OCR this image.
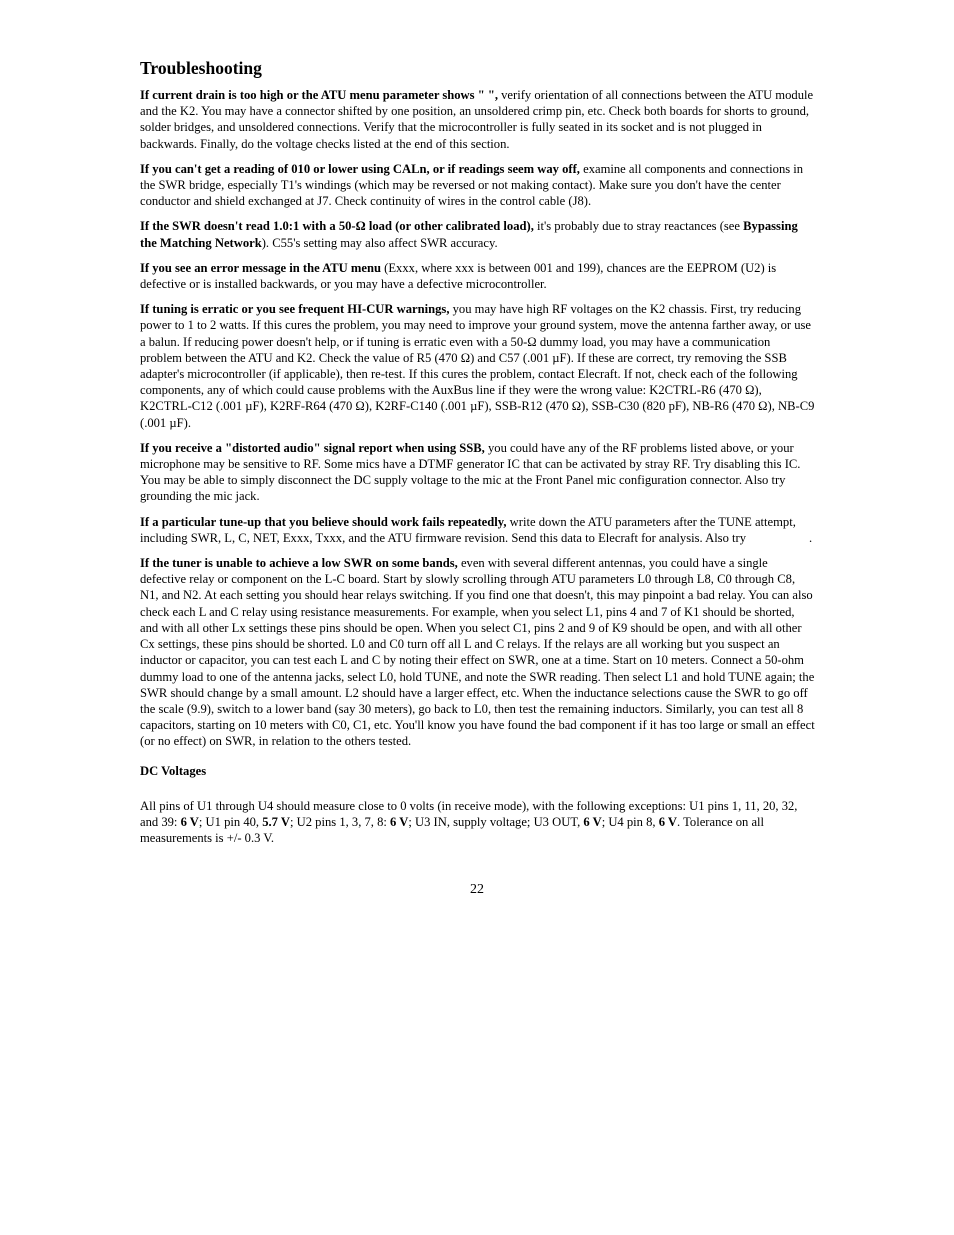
Troubleshooting

If current drain is too high or the ATU menu parameter shows " ", verify orientation of all connections between the ATU module and the K2. You may have a connector shifted by one position, an unsoldered crimp pin, etc. Check both boards for shorts to ground, solder bridges, and unsoldered connections. Verify that the microcontroller is fully seated in its socket and is not plugged in backwards. Finally, do the voltage checks listed at the end of this section.

If you can't get a reading of 010 or lower using CALn, or if readings seem way off, examine all components and connections in the SWR bridge, especially T1's windings (which may be reversed or not making contact). Make sure you don't have the center conductor and shield exchanged at J7. Check continuity of wires in the control cable (J8).

If the SWR doesn't read 1.0:1 with a 50-Ω load (or other calibrated load), it's probably due to stray reactances (see Bypassing the Matching Network). C55's setting may also affect SWR accuracy.

If you see an error message in the ATU menu (Exxx, where xxx is between 001 and 199), chances are the EEPROM (U2) is defective or is installed backwards, or you may have a defective microcontroller.

If tuning is erratic or you see frequent HI-CUR warnings, you may have high RF voltages on the K2 chassis. First, try reducing power to 1 to 2 watts. If this cures the problem, you may need to improve your ground system, move the antenna farther away, or use a balun. If reducing power doesn't help, or if tuning is erratic even with a 50-Ω dummy load, you may have a communication problem between the ATU and K2. Check the value of R5 (470 Ω) and C57 (.001 µF). If these are correct, try removing the SSB adapter's microcontroller (if applicable), then re-test. If this cures the problem, contact Elecraft. If not, check each of the following components, any of which could cause problems with the AuxBus line if they were the wrong value: K2CTRL-R6 (470 Ω), K2CTRL-C12 (.001 µF), K2RF-R64 (470 Ω), K2RF-C140 (.001 µF), SSB-R12 (470 Ω), SSB-C30 (820 pF), NB-R6 (470 Ω), NB-C9 (.001 µF).

If you receive a "distorted audio" signal report when using SSB, you could have any of the RF problems listed above, or your microphone may be sensitive to RF. Some mics have a DTMF generator IC that can be activated by stray RF. Try disabling this IC. You may be able to simply disconnect the DC supply voltage to the mic at the Front Panel mic configuration connector. Also try grounding the mic jack.

If a particular tune-up that you believe should work fails repeatedly, write down the ATU parameters after the TUNE attempt, including SWR, L, C, NET, Exxx, Txxx, and the ATU firmware revision. Send this data to Elecraft for analysis. Also try                    .

If the tuner is unable to achieve a low SWR on some bands, even with several different antennas, you could have a single defective relay or component on the L-C board. Start by slowly scrolling through ATU parameters L0 through L8, C0 through C8, N1, and N2. At each setting you should hear relays switching. If you find one that doesn't, this may pinpoint a bad relay. You can also check each L and C relay using resistance measurements. For example, when you select L1, pins 4 and 7 of K1 should be shorted, and with all other Lx settings these pins should be open. When you select C1, pins 2 and 9 of K9 should be open, and with all other Cx settings, these pins should be shorted. L0 and C0 turn off all L and C relays. If the relays are all working but you suspect an inductor or capacitor, you can test each L and C by noting their effect on SWR, one at a time. Start on 10 meters. Connect a 50-ohm dummy load to one of the antenna jacks, select L0, hold TUNE, and note the SWR reading. Then select L1 and hold TUNE again; the SWR should change by a small amount. L2 should have a larger effect, etc. When the inductance selections cause the SWR to go off the scale (9.9), switch to a lower band (say 30 meters), go back to L0, then test the remaining inductors. Similarly, you can test all 8 capacitors, starting on 10 meters with C0, C1, etc. You'll know you have found the bad component if it has too large or small an effect (or no effect) on SWR, in relation to the others tested.

DC Voltages

All pins of U1 through U4 should measure close to 0 volts (in receive mode), with the following exceptions: U1 pins 1, 11, 20, 32, and 39: 6 V; U1 pin 40, 5.7 V; U2 pins 1, 3, 7, 8: 6 V; U3 IN, supply voltage; U3 OUT, 6 V; U4 pin 8, 6 V. Tolerance on all measurements is +/- 0.3 V.

22
